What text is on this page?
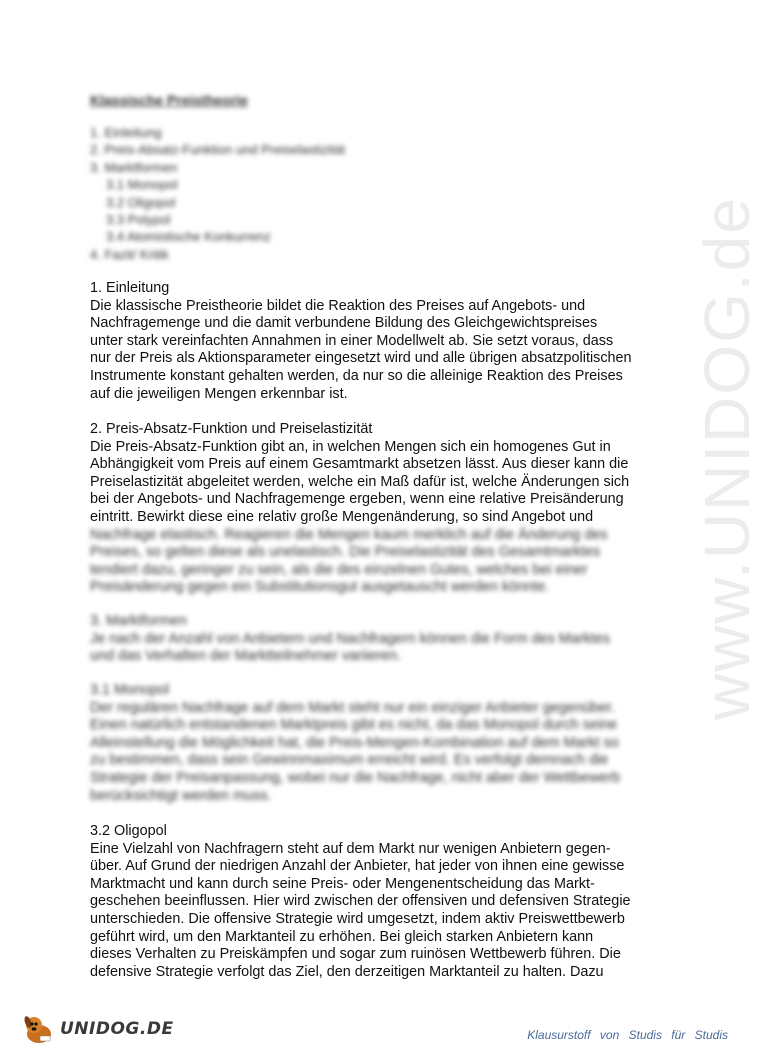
www.UNIDOG.de
Klassische Preistheorie
1. Einleitung
2. Preis-Absatz-Funktion und Preiselastizität
3. Marktformen
3.1 Monopol
3.2 Oligopol
3.3 Polypol
3.4 Atomistische Konkurrenz
4. Fazit/ Kritik

1. Einleitung

Die klassische Preistheorie bildet die Reaktion des Preises auf Angebots- und

Nachfragemenge und die damit verbundene Bildung des Gleichgewichtspreises

unter stark vereinfachten Annahmen in einer Modellwelt ab. Sie setzt voraus, dass

nur der Preis als Aktionsparameter eingesetzt wird und alle übrigen absatzpolitischen

Instrumente konstant gehalten werden, da nur so die alleinige Reaktion des Preises

auf die jeweiligen Mengen erkennbar ist.

2. Preis-Absatz-Funktion und Preiselastizität

Die Preis-Absatz-Funktion gibt an, in welchen Mengen sich ein homogenes Gut in

Abhängigkeit vom Preis auf einem Gesamtmarkt absetzen lässt. Aus dieser kann die

Preiselastizität abgeleitet werden, welche ein Maß dafür ist, welche Änderungen sich

bei der Angebots- und Nachfragemenge ergeben, wenn eine relative Preisänderung

eintritt. Bewirkt diese eine relativ große Mengenänderung, so sind Angebot und

Nachfrage elastisch. Reagieren die Mengen kaum merklich auf die Änderung des

Preises, so gelten diese als unelastisch. Die Preiselastizität des Gesamtmarktes

tendiert dazu, geringer zu sein, als die des einzelnen Gutes, welches bei einer

Preisänderung gegen ein Substitutionsgut ausgetauscht werden könnte.

3. Marktformen

Je nach der Anzahl von Anbietern und Nachfragern können die Form des Marktes

und das Verhalten der Marktteilnehmer variieren.

3.1 Monopol

Der regulären Nachfrage auf dem Markt steht nur ein einziger Anbieter gegenüber.

Einen natürlich entstandenen Marktpreis gibt es nicht, da das Monopol durch seine

Alleinstellung die Möglichkeit hat, die Preis-Mengen-Kombination auf dem Markt so

zu bestimmen, dass sein Gewinnmaximum erreicht wird. Es verfolgt demnach die

Strategie der Preisanpassung, wobei nur die Nachfrage, nicht aber der Wettbewerb

berücksichtigt werden muss.

3.2 Oligopol

Eine Vielzahl von Nachfragern steht auf dem Markt nur wenigen Anbietern gegen-

über. Auf Grund der niedrigen Anzahl der Anbieter, hat jeder von ihnen eine gewisse

Marktmacht und kann durch seine Preis- oder Mengenentscheidung das Markt-

geschehen beeinflussen. Hier wird zwischen der offensiven und defensiven Strategie

unterschieden. Die offensive Strategie wird umgesetzt, indem aktiv Preiswettbewerb

geführt wird, um den Marktanteil zu erhöhen. Bei gleich starken Anbietern kann

dieses Verhalten zu Preiskämpfen und sogar zum ruinösen Wettbewerb führen. Die

defensive Strategie verfolgt das Ziel, den derzeitigen Marktanteil zu halten. Dazu

UNIDOG.DE	Klausurstoff von Studis für Studis
